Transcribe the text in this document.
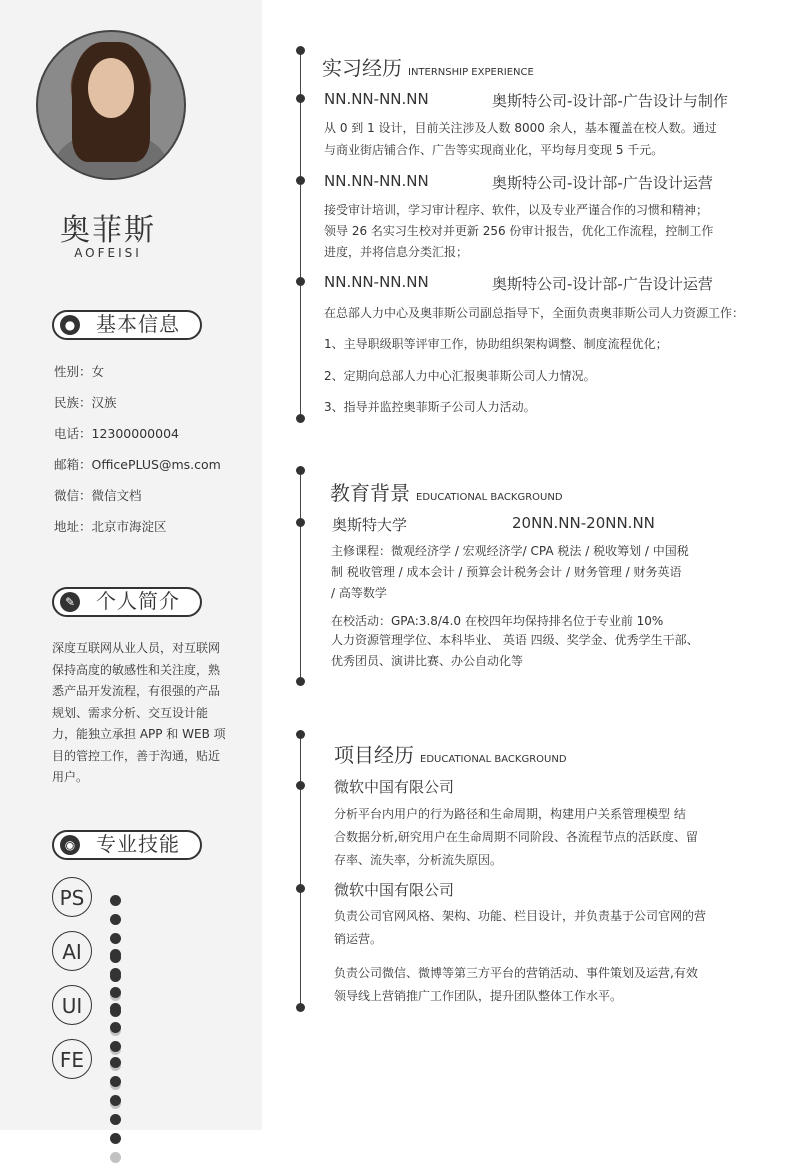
奥菲斯
AOFEISI
● 基本信息
性别：女
民族：汉族
电话：12300000004
邮箱：OfficePLUS@ms.com
微信：微信文档
地址：北京市海淀区
✎ 个人简介
深度互联网从业人员，对互联网保持高度的敏感性和关注度，熟悉产品开发流程，有很强的产品规划、需求分析、交互设计能力，能独立承担 APP 和 WEB 项目的管控工作，善于沟通，贴近用户。
◉ 专业技能
PS
AI
UI
FE
实习经历 INTERNSHIP EXPERIENCE
NN.NN-NN.NN	奥斯特公司-设计部-广告设计与制作
从 0 到 1 设计，目前关注涉及人数 8000 余人，基本覆盖在校人数。通过
与商业街店铺合作、广告等实现商业化，平均每月变现 5 千元。
NN.NN-NN.NN	奥斯特公司-设计部-广告设计运营
接受审计培训，学习审计程序、软件，以及专业严谨合作的习惯和精神；
领导 26 名实习生校对并更新 256 份审计报告，优化工作流程，控制工作
进度，并将信息分类汇报；
NN.NN-NN.NN	奥斯特公司-设计部-广告设计运营
在总部人力中心及奥菲斯公司副总指导下，全面负责奥菲斯公司人力资源工作：
1、主导职级职等评审工作，协助组织架构调整、制度流程优化；
2、定期向总部人力中心汇报奥菲斯公司人力情况。
3、指导并监控奥菲斯子公司人力活动。
教育背景 EDUCATIONAL BACKGROUND
奥斯特大学	20NN.NN-20NN.NN
主修课程：微观经济学 / 宏观经济学/ CPA 税法 / 税收筹划 / 中国税
制 税收管理 / 成本会计 / 预算会计税务会计 / 财务管理 / 财务英语
/ 高等数学
在校活动：GPA:3.8/4.0 在校四年均保持排名位于专业前 10%
人力资源管理学位、本科毕业、 英语 四级、奖学金、优秀学生干部、
优秀团员、演讲比赛、办公自动化等
项目经历 EDUCATIONAL BACKGROUND
微软中国有限公司
分析平台内用户的行为路径和生命周期，构建用户关系管理模型 结
合数据分析,研究用户在生命周期不同阶段、各流程节点的活跃度、留
存率、流失率，分析流失原因。
微软中国有限公司
负责公司官网风格、架构、功能、栏目设计，并负责基于公司官网的营
销运营。
负责公司微信、微博等第三方平台的营销活动、事件策划及运营,有效
领导线上营销推广工作团队，提升团队整体工作水平。
